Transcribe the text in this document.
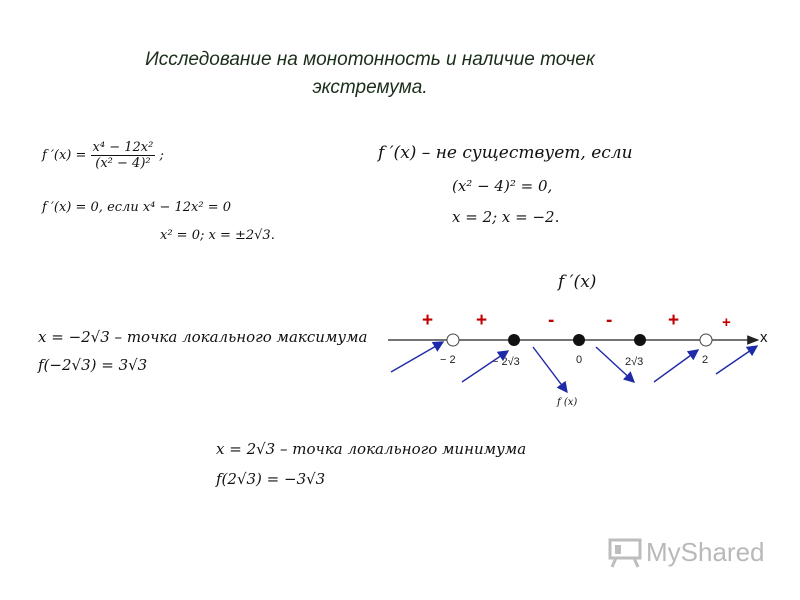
Исследование на монотонность и наличие точек
экстремума.
f $'(x) = \frac{\text{x⁴ − 12x²}}{\text{(x² − 4)²}}$ ;
f ′(x) = 0, если x⁴ − 12x² = 0
x² = 0; x = ±2√3.
f ′(x) – не существует, если
(x² − 4)² = 0,
x = 2; x = −2.
f ′(x)
+ +	-	-	+	+
x
− 2	− 2√3	0	2√3	2
f (x)
x = −2√3 – точка локального максимума
f(−2√3) = 3√3
x = 2√3 – точка локального минимума
f(2√3) = −3√3
MyShared
